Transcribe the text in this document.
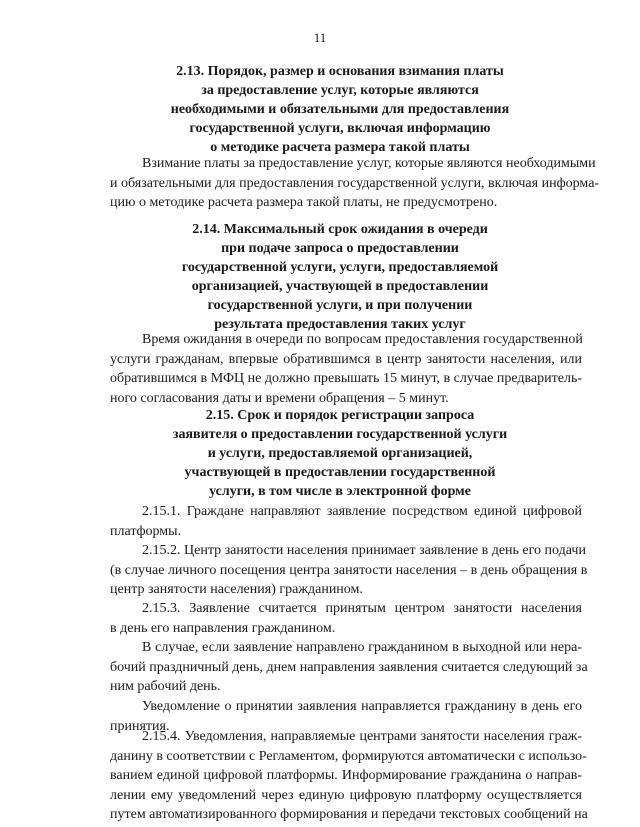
11
2.13. Порядок, размер и основания взимания платы
за предоставление услуг, которые являются
необходимыми и обязательными для предоставления
государственной услуги, включая информацию
о методике расчета размера такой платы
Взимание платы за предоставление услуг, которые являются необходимыми
и обязательными для предоставления государственной услуги, включая информа-
цию о методике расчета размера такой платы, не предусмотрено.
2.14. Максимальный срок ожидания в очереди
при подаче запроса о предоставлении
государственной услуги, услуги, предоставляемой
организацией, участвующей в предоставлении
государственной услуги, и при получении
результата предоставления таких услуг
Время ожидания в очереди по вопросам предоставления государственной
услуги гражданам, впервые обратившимся в центр занятости населения, или
обратившимся в МФЦ не должно превышать 15 минут, в случае предваритель-
ного согласования даты и времени обращения – 5 минут.
2.15. Срок и порядок регистрации запроса
заявителя о предоставлении государственной услуги
и услуги, предоставляемой организацией,
участвующей в предоставлении государственной
услуги, в том числе в электронной форме
2.15.1. Граждане направляют заявление посредством единой цифровой
платформы.
2.15.2. Центр занятости населения принимает заявление в день его подачи
(в случае личного посещения центра занятости населения – в день обращения в
центр занятости населения) гражданином.
2.15.3. Заявление считается принятым центром занятости населения
в день его направления гражданином.
В случае, если заявление направлено гражданином в выходной или нера-
бочий праздничный день, днем направления заявления считается следующий за
ним рабочий день.
Уведомление о принятии заявления направляется гражданину в день его
принятия.
2.15.4. Уведомления, направляемые центрами занятости населения граж-
данину в соответствии с Регламентом, формируются автоматически с использо-
ванием единой цифровой платформы. Информирование гражданина о направ-
лении ему уведомлений через единую цифровую платформу осуществляется
путем автоматизированного формирования и передачи текстовых сообщений на
